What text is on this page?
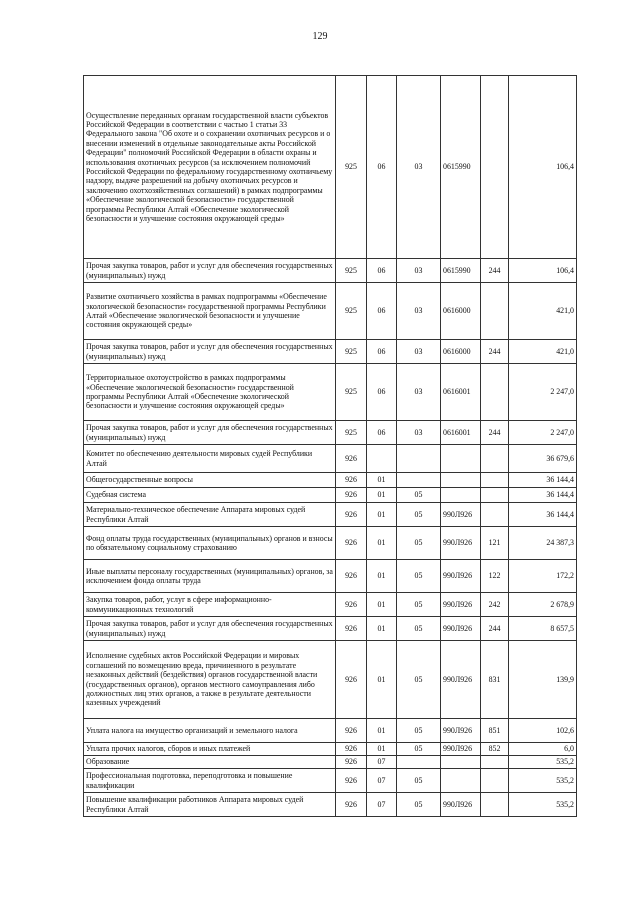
129
Осуществление переданных органам государственной власти субъектов Российской Федерации в соответствии с частью 1 статьи 33 Федерального закона "Об охоте и о сохранении охотничьих ресурсов и о внесении изменений в отдельные законодательные акты Российской Федерации" полномочий Российской Федерации в области охраны и использования охотничьих ресурсов (за исключением полномочий Российской Федерации по федеральному государственному охотничьему надзору, выдаче разрешений на добычу охотничьих ресурсов и заключению охотхозяйственных соглашений) в рамках подпрограммы «Обеспечение экологической безопасности» государственной программы Республики Алтай «Обеспечение экологической безопасности и улучшение состояния окружающей среды»	925	06	03	0615990		106,4
Прочая закупка товаров, работ и услуг для обеспечения государственных (муниципальных) нужд	925	06	03	0615990	244	106,4
Развитие охотничьего хозяйства в рамках подпрограммы «Обеспечение экологической безопасности» государственной программы Республики Алтай «Обеспечение экологической безопасности и улучшение состояния окружающей среды»	925	06	03	0616000		421,0
Прочая закупка товаров, работ и услуг для обеспечения государственных (муниципальных) нужд	925	06	03	0616000	244	421,0
Территориальное охотоустройство в рамках подпрограммы «Обеспечение экологической безопасности» государственной программы Республики Алтай «Обеспечение экологической безопасности и улучшение состояния окружающей среды»	925	06	03	0616001		2 247,0
Прочая закупка товаров, работ и услуг для обеспечения государственных (муниципальных) нужд	925	06	03	0616001	244	2 247,0
Комитет по обеспечению деятельности мировых судей Республики Алтай	926					36 679,6
Общегосударственные вопросы	926	01				36 144,4
Судебная система	926	01	05			36 144,4
Материально-техническое обеспечение Аппарата мировых судей Республики Алтай	926	01	05	990Л926		36 144,4
Фонд оплаты труда государственных (муниципальных) органов и взносы по обязательному социальному страхованию	926	01	05	990Л926	121	24 387,3
Иные выплаты персоналу государственных (муниципальных) органов, за исключением фонда оплаты труда	926	01	05	990Л926	122	172,2
Закупка товаров, работ, услуг в сфере информационно-коммуникационных технологий	926	01	05	990Л926	242	2 678,9
Прочая закупка товаров, работ и услуг для обеспечения государственных (муниципальных) нужд	926	01	05	990Л926	244	8 657,5
Исполнение судебных актов Российской Федерации и мировых соглашений по возмещению вреда, причиненного в результате незаконных действий (бездействия) органов государственной власти (государственных органов), органов местного самоуправления либо должностных лиц этих органов, а также в результате деятельности казенных учреждений	926	01	05	990Л926	831	139,9
Уплата налога на имущество организаций и земельного налога	926	01	05	990Л926	851	102,6
Уплата прочих налогов, сборов и иных платежей	926	01	05	990Л926	852	6,0
Образование	926	07				535,2
Профессиональная подготовка, переподготовка и повышение квалификации	926	07	05			535,2
Повышение квалификации работников Аппарата мировых судей Республики Алтай	926	07	05	990Л926		535,2
